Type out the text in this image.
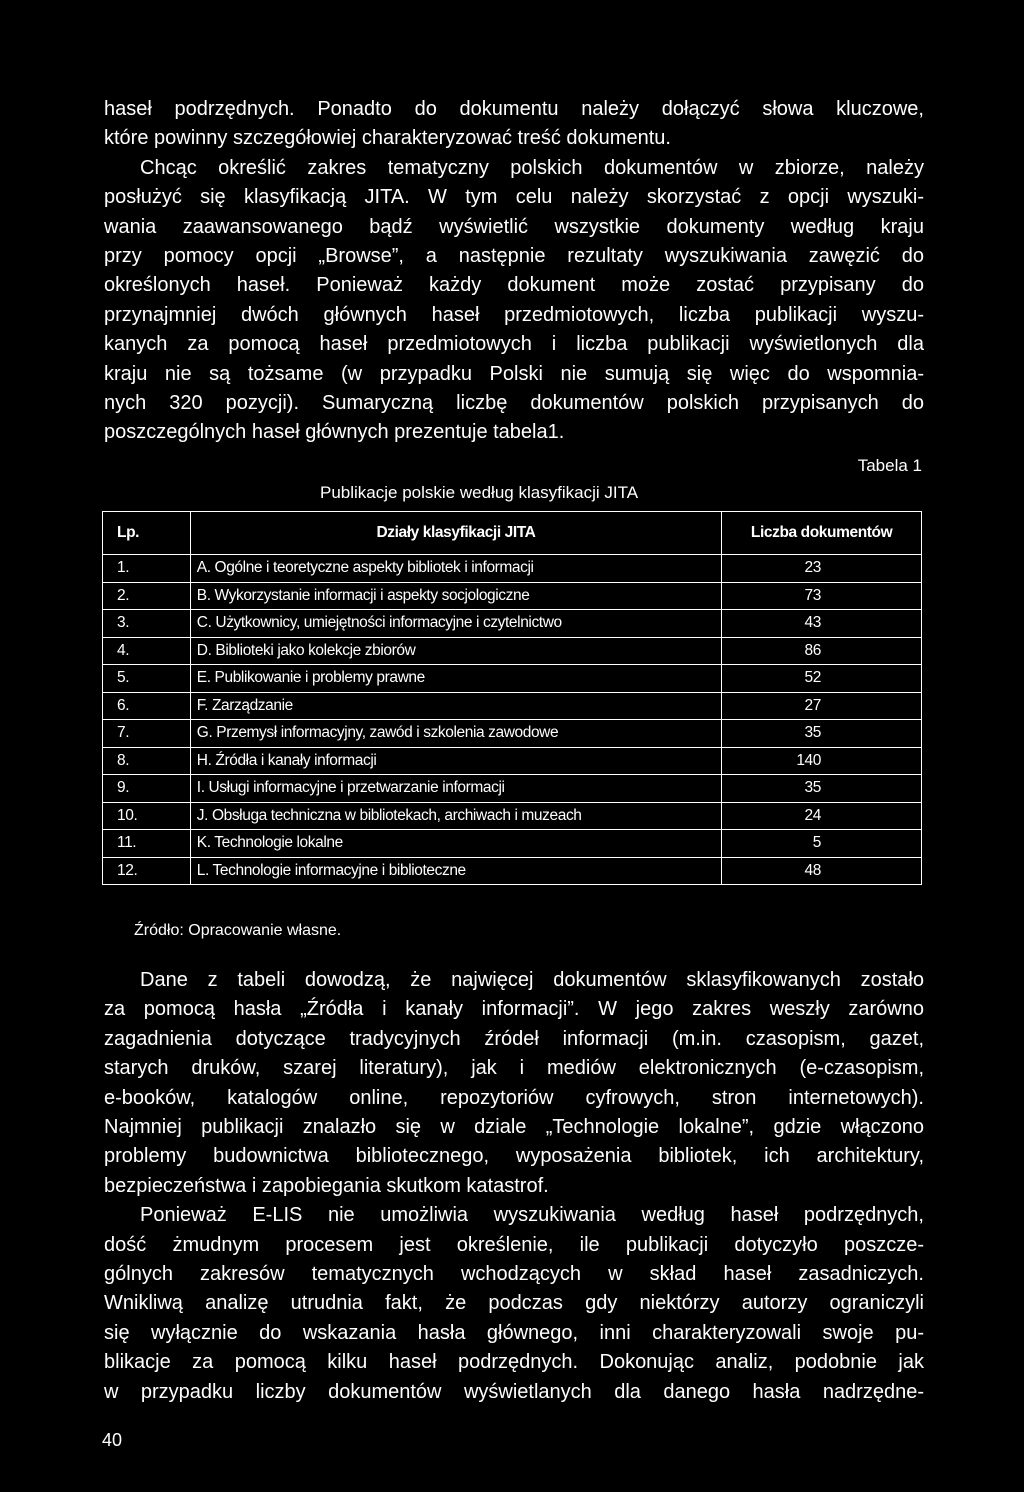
haseł podrzędnych. Ponadto do dokumentu należy dołączyć słowa kluczowe,
które powinny szczegółowiej charakteryzować treść dokumentu.
Chcąc określić zakres tematyczny polskich dokumentów w zbiorze, należy
posłużyć się klasyfikacją JITA. W tym celu należy skorzystać z opcji wyszuki-
wania zaawansowanego bądź wyświetlić wszystkie dokumenty według kraju
przy pomocy opcji „Browse”, a następnie rezultaty wyszukiwania zawęzić do
określonych haseł. Ponieważ każdy dokument może zostać przypisany do
przynajmniej dwóch głównych haseł przedmiotowych, liczba publikacji wyszu-
kanych za pomocą haseł przedmiotowych i liczba publikacji wyświetlonych dla
kraju nie są tożsame (w przypadku Polski nie sumują się więc do wspomnia-
nych 320 pozycji). Sumaryczną liczbę dokumentów polskich przypisanych do
poszczególnych haseł głównych prezentuje tabela1.
Tabela 1
Publikacje polskie według klasyfikacji JITA
Lp.	Działy klasyfikacji JITA	Liczba dokumentów
1.	A. Ogólne i teoretyczne aspekty bibliotek i informacji	23
2.	B. Wykorzystanie informacji i aspekty socjologiczne	73
3.	C. Użytkownicy, umiejętności informacyjne i czytelnictwo	43
4.	D. Biblioteki jako kolekcje zbiorów	86
5.	E. Publikowanie i problemy prawne	52
6.	F. Zarządzanie	27
7.	G. Przemysł informacyjny, zawód i szkolenia zawodowe	35
8.	H. Źródła i kanały informacji	140
9.	I. Usługi informacyjne i przetwarzanie informacji	35
10.	J. Obsługa techniczna w bibliotekach, archiwach i muzeach	24
11.	K. Technologie lokalne	5
12.	L. Technologie informacyjne i biblioteczne	48
Źródło: Opracowanie własne.
Dane z tabeli dowodzą, że najwięcej dokumentów sklasyfikowanych zostało
za pomocą hasła „Źródła i kanały informacji”. W jego zakres weszły zarówno
zagadnienia dotyczące tradycyjnych źródeł informacji (m.in. czasopism, gazet,
starych druków, szarej literatury), jak i mediów elektronicznych (e-czasopism,
e-booków, katalogów online, repozytoriów cyfrowych, stron internetowych).
Najmniej publikacji znalazło się w dziale „Technologie lokalne”, gdzie włączono
problemy budownictwa bibliotecznego, wyposażenia bibliotek, ich architektury,
bezpieczeństwa i zapobiegania skutkom katastrof.
Ponieważ E-LIS nie umożliwia wyszukiwania według haseł podrzędnych,
dość żmudnym procesem jest określenie, ile publikacji dotyczyło poszcze-
gólnych zakresów tematycznych wchodzących w skład haseł zasadniczych.
Wnikliwą analizę utrudnia fakt, że podczas gdy niektórzy autorzy ograniczyli
się wyłącznie do wskazania hasła głównego, inni charakteryzowali swoje pu-
blikacje za pomocą kilku haseł podrzędnych. Dokonując analiz, podobnie jak
w przypadku liczby dokumentów wyświetlanych dla danego hasła nadrzędne-
40
